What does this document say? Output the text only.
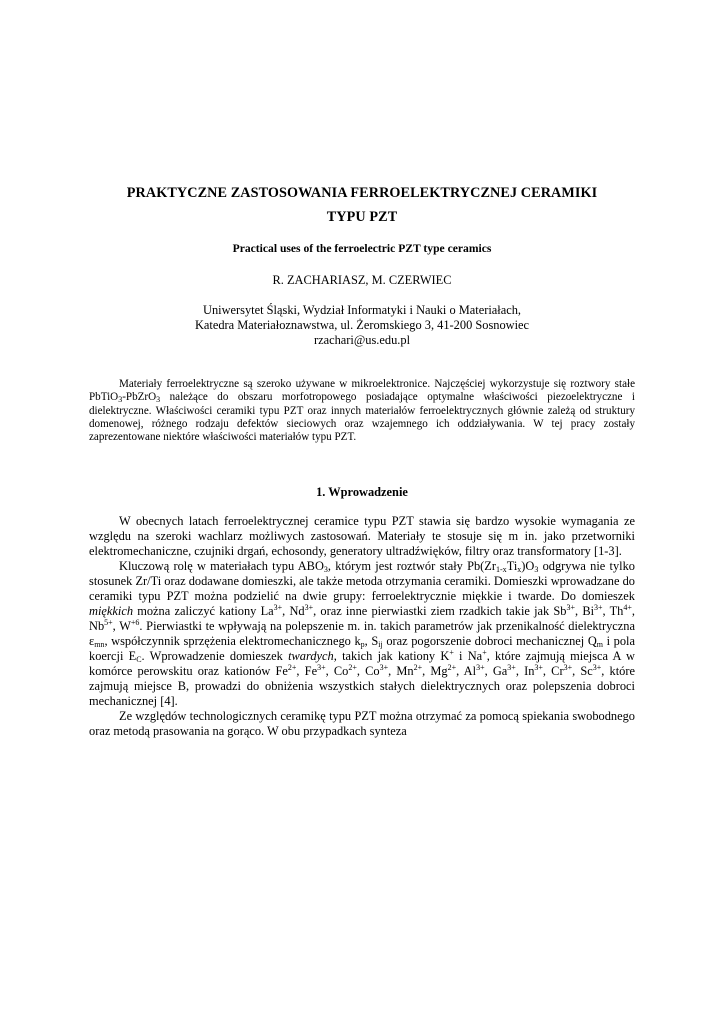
PRAKTYCZNE ZASTOSOWANIA FERROELEKTRYCZNEJ CERAMIKI
TYPU PZT
Practical uses of the ferroelectric PZT type ceramics
R. ZACHARIASZ, M. CZERWIEC
Uniwersytet Śląski, Wydział Informatyki i Nauki o Materiałach,
Katedra Materiałoznawstwa, ul. Żeromskiego 3, 41-200 Sosnowiec
rzachari@us.edu.pl
Materiały ferroelektryczne są szeroko używane w mikroelektronice. Najczęściej wykorzystuje się roztwory stałe PbTiO$_3$-PbZrO$_3$ należące do obszaru morfotropowego posiadające optymalne właściwości piezoelektryczne i dielektryczne. Właściwości ceramiki typu PZT oraz innych materiałów ferroelektrycznych głównie zależą od struktury domenowej, różnego rodzaju defektów sieciowych oraz wzajemnego ich oddziaływania. W tej pracy zostały zaprezentowane niektóre właściwości materiałów typu PZT.
1. Wprowadzenie

W obecnych latach ferroelektrycznej ceramice typu PZT stawia się bardzo wysokie wymagania ze względu na szeroki wachlarz możliwych zastosowań. Materiały te stosuje się m in. jako przetworniki elektromechaniczne, czujniki drgań, echosondy, generatory ultradźwięków, filtry oraz transformatory [1-3].

Kluczową rolę w materiałach typu $ABO_3$, którym jest roztwór stały $Pb(Zr_{1-x}Ti_x)O_3$ odgrywa nie tylko stosunek Zr/Ti oraz dodawane domieszki, ale także metoda otrzymania ceramiki. Domieszki wprowadzane do ceramiki typu PZT można podzielić na dwie grupy: ferroelektrycznie miękkie i twarde. Do domieszek miękkich można zaliczyć kationy $La^{3+}$, $Nd^{3+}$, oraz inne pierwiastki ziem rzadkich takie jak $Sb^{3+}$, $Bi^{3+}$, $Th^{4+}$, $Nb^{5+}$, $W^{+6}$. Pierwiastki te wpływają na polepszenie m. in. takich parametrów jak przenikalność dielektryczna $\varepsilon_{mn}$, współczynnik sprzężenia elektromechanicznego $k_p$, $S_{ij}$ oraz pogorszenie dobroci mechanicznej $Q_m$ i pola koercji $E_C$. Wprowadzenie domieszek twardych, takich jak kationy K+ i Na+, które zajmują miejsca A w komórce perowskitu oraz kationów $Fe^{2+}$, $Fe^{3+}$, $Co^{2+}$, $Co^{3+}$, $Mn^{2+}$, $Mg^{2+}$, $Al^{3+}$, $Ga^{3+}$, $In^{3+}$, $Cr^{3+}$, $Sc^{3+}$, które zajmują miejsce B, prowadzi do obniżenia wszystkich stałych dielektrycznych oraz polepszenia dobroci mechanicznej [4].

Ze względów technologicznych ceramikę typu PZT można otrzymać za pomocą spiekania swobodnego oraz metodą prasowania na gorąco. W obu przypadkach synteza
